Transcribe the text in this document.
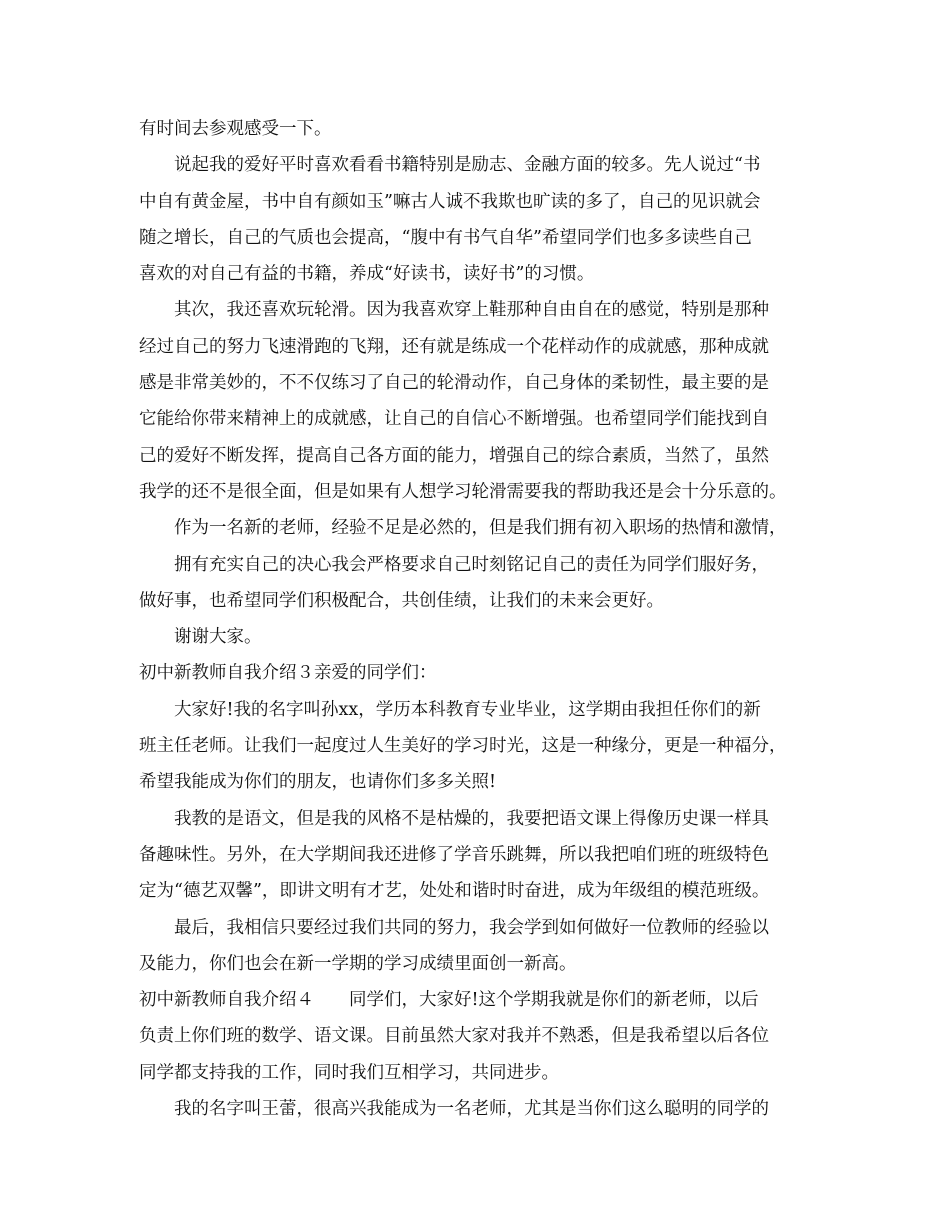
有时间去参观感受一下。

说起我的爱好平时喜欢看看书籍特别是励志、金融方面的较多。先人说过“书

中自有黄金屋，书中自有颜如玉”嘛古人诚不我欺也旷读的多了，自己的见识就会

随之增长，自己的气质也会提高，“腹中有书气自华”希望同学们也多多读些自己

喜欢的对自己有益的书籍，养成“好读书，读好书”的习惯。

其次，我还喜欢玩轮滑。因为我喜欢穿上鞋那种自由自在的感觉，特别是那种

经过自己的努力飞速滑跑的飞翔，还有就是练成一个花样动作的成就感，那种成就

感是非常美妙的，不不仅练习了自己的轮滑动作，自己身体的柔韧性，最主要的是

它能给你带来精神上的成就感，让自己的自信心不断增强。也希望同学们能找到自

己的爱好不断发挥，提高自己各方面的能力，增强自己的综合素质，当然了，虽然

我学的还不是很全面，但是如果有人想学习轮滑需要我的帮助我还是会十分乐意的。

作为一名新的老师，经验不足是必然的，但是我们拥有初入职场的热情和激情，

拥有充实自己的决心我会严格要求自己时刻铭记自己的责任为同学们服好务，

做好事，也希望同学们积极配合，共创佳绩，让我们的未来会更好。

谢谢大家。

初中新教师自我介绍３亲爱的同学们：

大家好!我的名字叫孙xx，学历本科教育专业毕业，这学期由我担任你们的新

班主任老师。让我们一起度过人生美好的学习时光，这是一种缘分，更是一种福分，

希望我能成为你们的朋友，也请你们多多关照!

我教的是语文，但是我的风格不是枯燥的，我要把语文课上得像历史课一样具

备趣味性。另外，在大学期间我还进修了学音乐跳舞，所以我把咱们班的班级特色

定为“德艺双馨”，即讲文明有才艺，处处和谐时时奋进，成为年级组的模范班级。

最后，我相信只要经过我们共同的努力，我会学到如何做好一位教师的经验以

及能力，你们也会在新一学期的学习成绩里面创一新高。

初中新教师自我介绍４　　同学们，大家好!这个学期我就是你们的新老师，以后

负责上你们班的数学、语文课。目前虽然大家对我并不熟悉，但是我希望以后各位

同学都支持我的工作，同时我们互相学习，共同进步。

我的名字叫王蕾，很高兴我能成为一名老师，尤其是当你们这么聪明的同学的
